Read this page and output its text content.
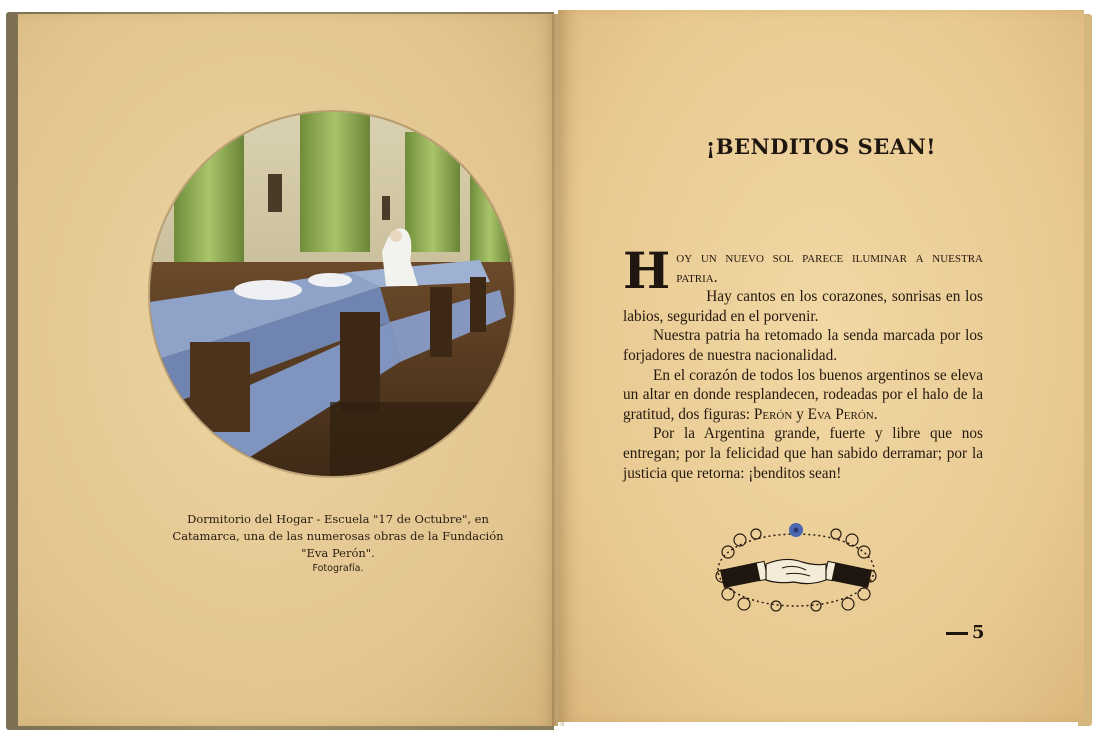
Dormitorio del Hogar - Escuela "17 de Octubre", en Catamarca, una de las numerosas obras de la Fundación "Eva Perón".
Fotografía.
¡BENDITOS SEAN!

Hoy un nuevo sol parece iluminar a nuestra patria.

Hay cantos en los corazones, sonrisas en los labios, seguridad en el porvenir.

Nuestra patria ha retomado la senda marcada por los forjadores de nuestra nacionalidad.

En el corazón de todos los buenos argentinos se eleva un altar en donde resplandecen, rodeadas por el halo de la gratitud, dos figuras: Perón y Eva Perón.

Por la Argentina grande, fuerte y libre que nos entregan; por la felicidad que han sabido derramar; por la justicia que retorna: ¡benditos sean!

5
